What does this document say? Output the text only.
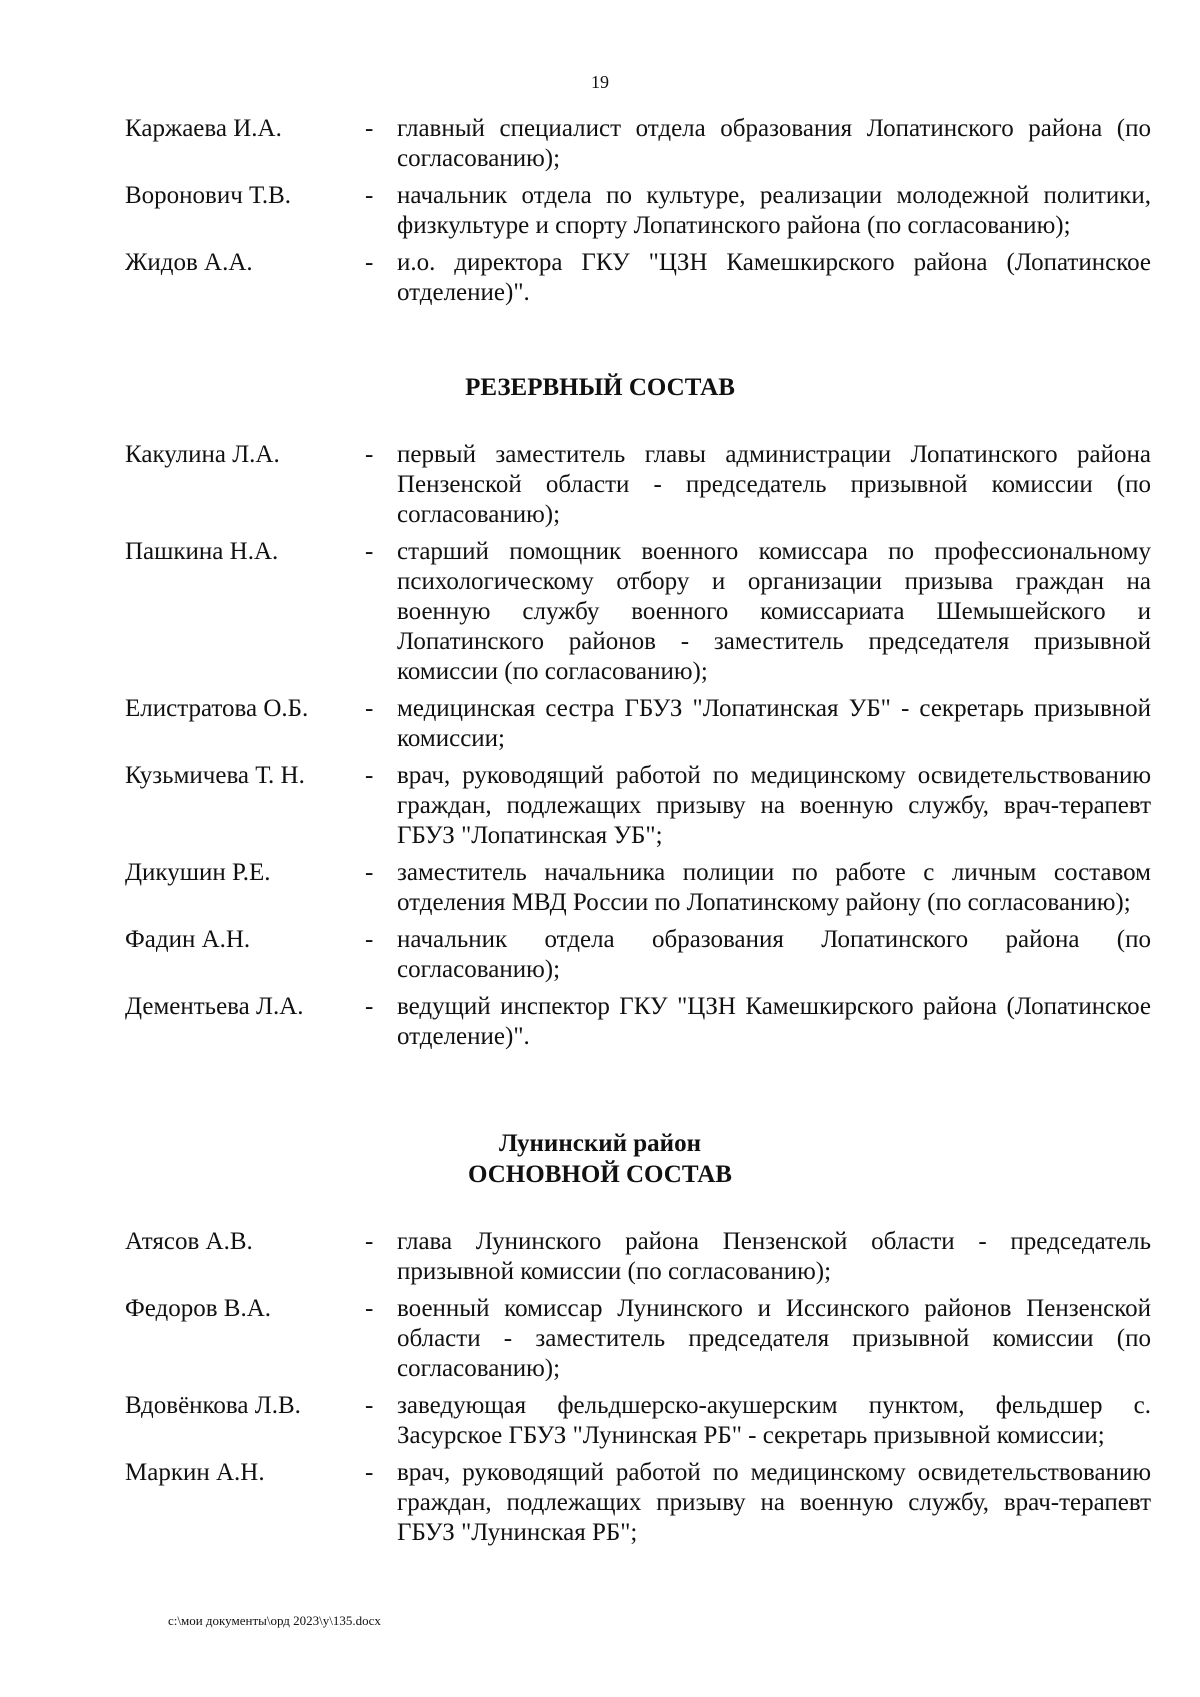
19
Каржаева И.А.	- главный специалист отдела образования Лопатинского района (по согласованию);
Воронович Т.В.	- начальник отдела по культуре, реализации молодежной политики, физкультуре и спорту Лопатинского района (по согласованию);
Жидов А.А.	- и.о. директора ГКУ "ЦЗН Камешкирского района (Лопатинское отделение)".
РЕЗЕРВНЫЙ СОСТАВ
Какулина Л.А.	- первый заместитель главы администрации Лопатинского района Пензенской области - председатель призывной комиссии (по согласованию);
Пашкина Н.А.	- старший помощник военного комиссара по профессиональному психологическому отбору и организации призыва граждан на военную службу военного комиссариата Шемышейского и Лопатинского районов - заместитель председателя призывной комиссии (по согласованию);
Елистратова О.Б. - медицинская сестра ГБУЗ "Лопатинская УБ" - секретарь призывной комиссии;
Кузьмичева Т. Н. - врач, руководящий работой по медицинскому освидетельствованию граждан, подлежащих призыву на военную службу, врач-терапевт ГБУЗ "Лопатинская УБ";
Дикушин Р.Е.	- заместитель начальника полиции по работе с личным составом отделения МВД России по Лопатинскому району (по согласованию);
Фадин А.Н.	- начальник отдела образования Лопатинского района (по согласованию);
Дементьева Л.А. - ведущий инспектор ГКУ "ЦЗН Камешкирского района (Лопатинское отделение)".
Лунинский район
ОСНОВНОЙ СОСТАВ
Атясов А.В.	- глава Лунинского района Пензенской области - председатель призывной комиссии (по согласованию);
Федоров В.А.	- военный комиссар Лунинского и Иссинского районов Пензенской области - заместитель председателя призывной комиссии (по согласованию);
Вдовёнкова Л.В.	- заведующая фельдшерско-акушерским пунктом, фельдшер с. Засурское ГБУЗ "Лунинская РБ" - секретарь призывной комиссии;
Маркин А.Н.	- врач, руководящий работой по медицинскому освидетельствованию граждан, подлежащих призыву на военную службу, врач-терапевт ГБУЗ "Лунинская РБ";
c:\мои документы\орд 2023\у\135.docx
